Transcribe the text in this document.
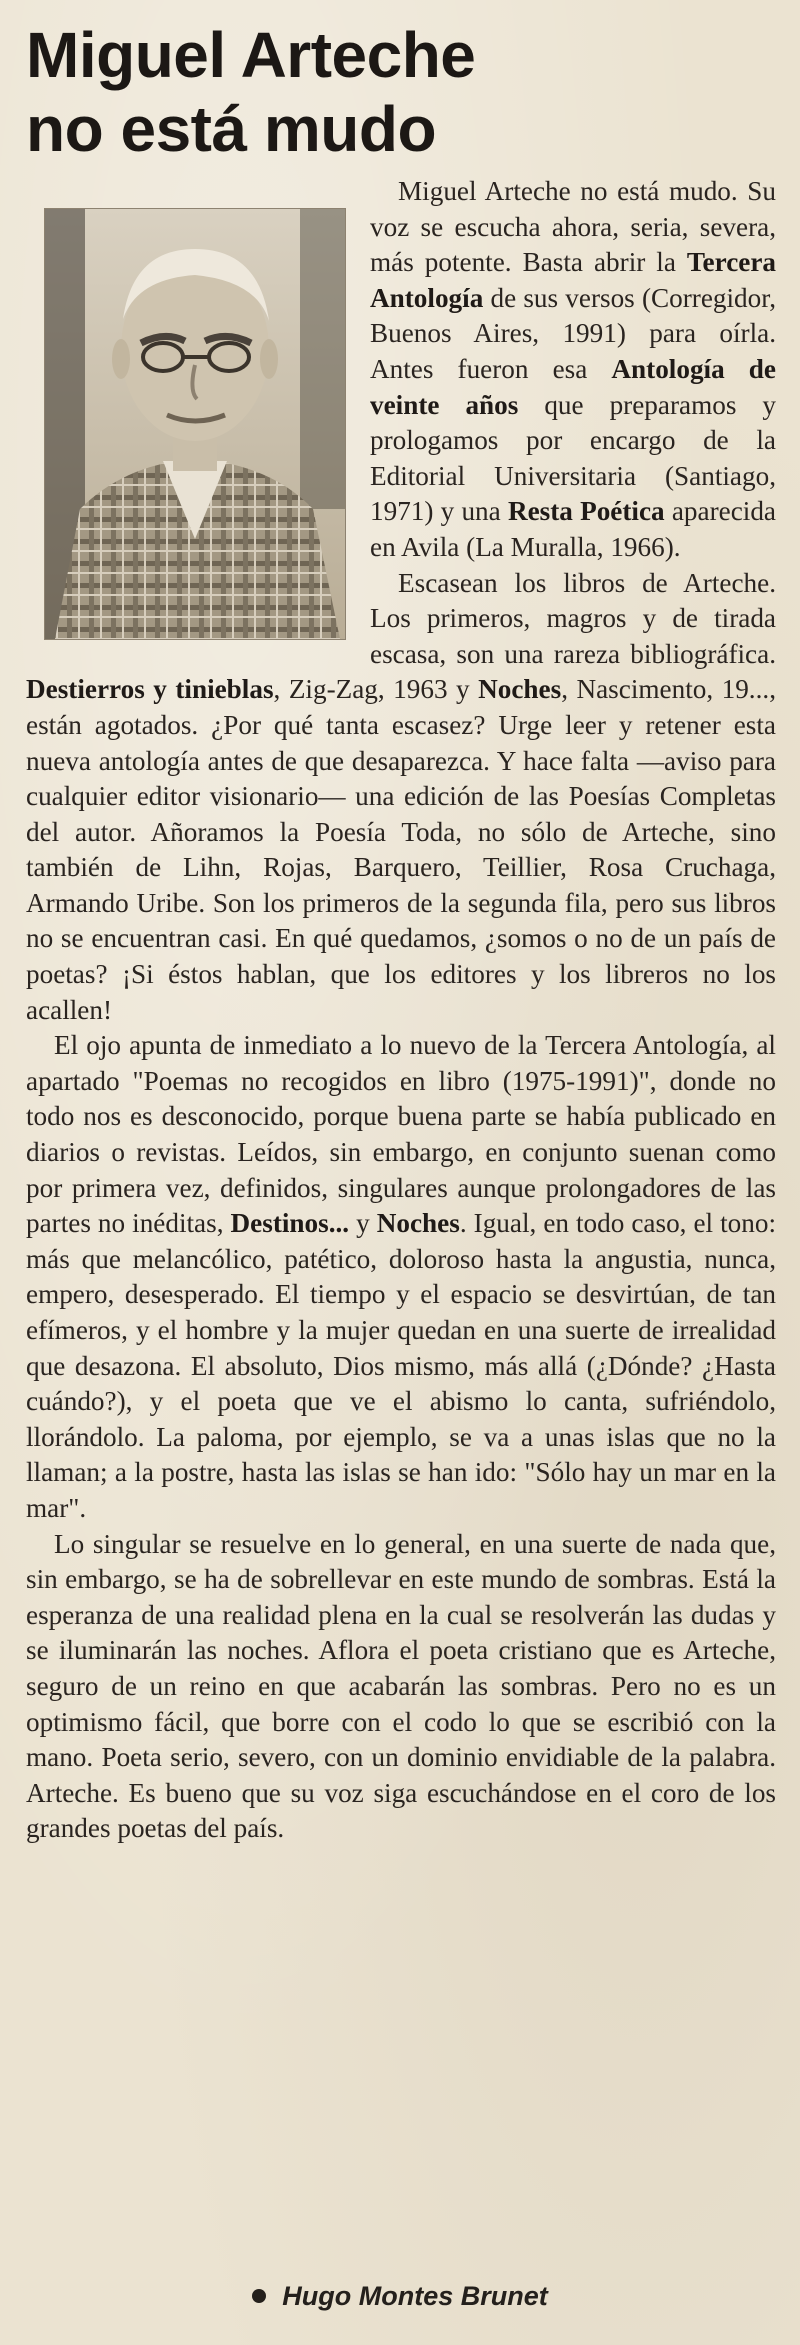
Miguel Arteche
no está mudo

Miguel Arteche no está mudo. Su voz se escucha ahora, seria, severa, más potente. Basta abrir la Tercera Antología de sus versos (Corregidor, Buenos Aires, 1991) para oírla. Antes fueron esa Antología de veinte años que preparamos y prologamos por encargo de la Editorial Universitaria (Santiago, 1971) y una Resta Poética aparecida en Avila (La Muralla, 1966).

Escasean los libros de Arteche. Los primeros, magros y de tirada escasa, son una rareza bibliográfica. Destierros y tinieblas, Zig-Zag, 1963 y Noches, Nascimento, 19..., están agotados. ¿Por qué tanta escasez? Urge leer y retener esta nueva antología antes de que desaparezca. Y hace falta —aviso para cualquier editor visionario— una edición de las Poesías Completas del autor. Añoramos la Poesía Toda, no sólo de Arteche, sino también de Lihn, Rojas, Barquero, Teillier, Rosa Cruchaga, Armando Uribe. Son los primeros de la segunda fila, pero sus libros no se encuentran casi. En qué quedamos, ¿somos o no de un país de poetas? ¡Si éstos hablan, que los editores y los libreros no los acallen!

El ojo apunta de inmediato a lo nuevo de la Tercera Antología, al apartado "Poemas no recogidos en libro (1975-1991)", donde no todo nos es desconocido, porque buena parte se había publicado en diarios o revistas. Leídos, sin embargo, en conjunto suenan como por primera vez, definidos, singulares aunque prolongadores de las partes no inéditas, Destinos... y Noches. Igual, en todo caso, el tono: más que melancólico, patético, doloroso hasta la angustia, nunca, empero, desesperado. El tiempo y el espacio se desvirtúan, de tan efímeros, y el hombre y la mujer quedan en una suerte de irrealidad que desazona. El absoluto, Dios mismo, más allá (¿Dónde? ¿Hasta cuándo?), y el poeta que ve el abismo lo canta, sufriéndolo, llorándolo. La paloma, por ejemplo, se va a unas islas que no la llaman; a la postre, hasta las islas se han ido: "Sólo hay un mar en la mar".

Lo singular se resuelve en lo general, en una suerte de nada que, sin embargo, se ha de sobrellevar en este mundo de sombras. Está la esperanza de una realidad plena en la cual se resolverán las dudas y se iluminarán las noches. Aflora el poeta cristiano que es Arteche, seguro de un reino en que acabarán las sombras. Pero no es un optimismo fácil, que borre con el codo lo que se escribió con la mano. Poeta serio, severo, con un dominio envidiable de la palabra. Arteche. Es bueno que su voz siga escuchándose en el coro de los grandes poetas del país.

Hugo Montes Brunet
